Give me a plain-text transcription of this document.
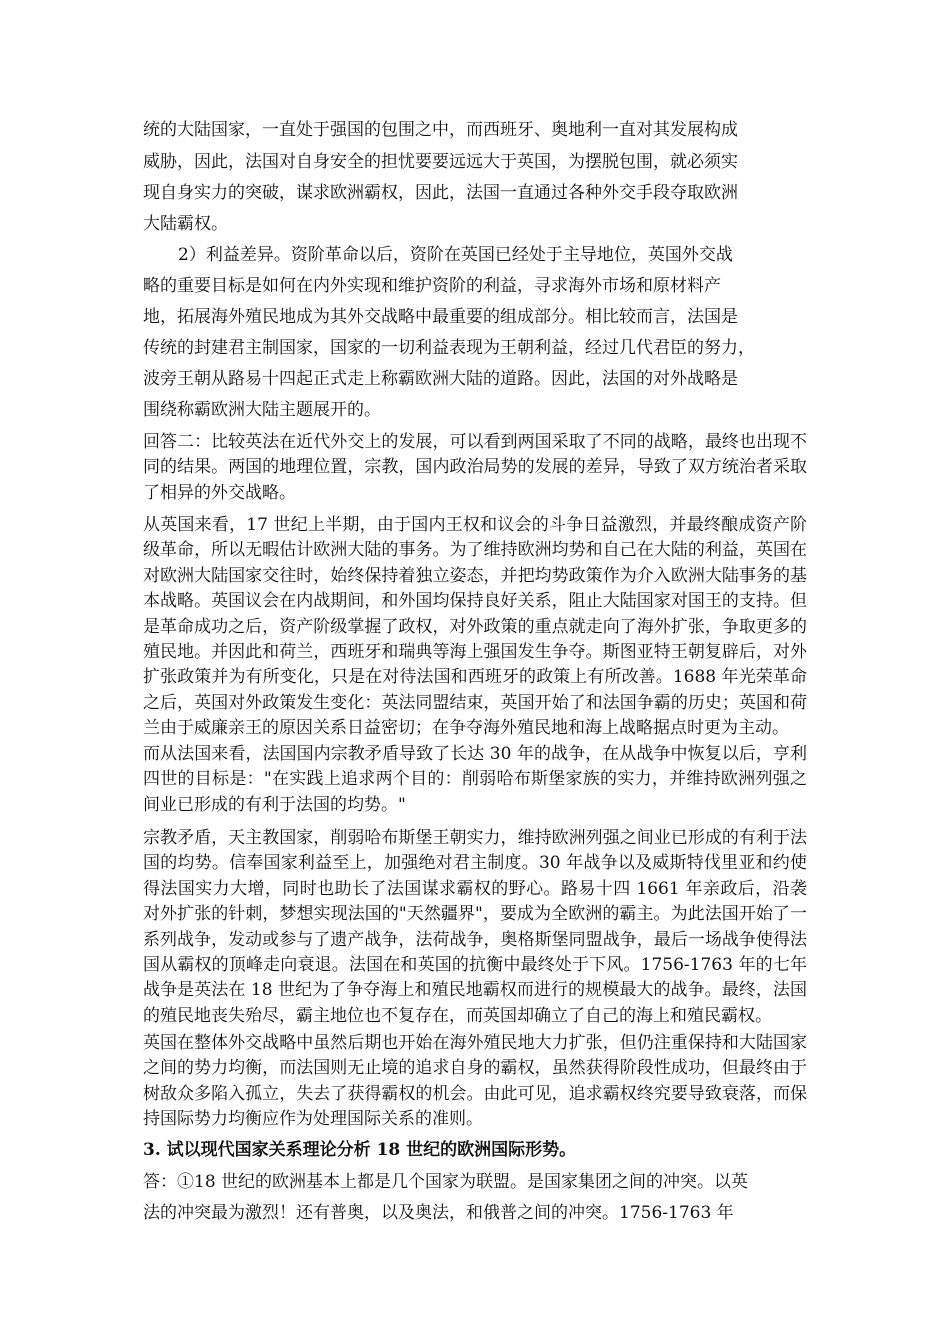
统的大陆国家，一直处于强国的包围之中，而西班牙、奥地利一直对其发展构成
威胁，因此，法国对自身安全的担忧要要远远大于英国，为摆脱包围，就必须实
现自身实力的突破，谋求欧洲霸权，因此，法国一直通过各种外交手段夺取欧洲
大陆霸权。
2）利益差异。资阶革命以后，资阶在英国已经处于主导地位，英国外交战
略的重要目标是如何在内外实现和维护资阶的利益，寻求海外市场和原材料产
地，拓展海外殖民地成为其外交战略中最重要的组成部分。相比较而言，法国是
传统的封建君主制国家，国家的一切利益表现为王朝利益，经过几代君臣的努力，
波旁王朝从路易十四起正式走上称霸欧洲大陆的道路。因此，法国的对外战略是
围绕称霸欧洲大陆主题展开的。
回答二：比较英法在近代外交上的发展，可以看到两国采取了不同的战略，最终也出现不同的结果。两国的地理位置，宗教，国内政治局势的发展的差异，导致了双方统治者采取了相异的外交战略。
从英国来看，17 世纪上半期，由于国内王权和议会的斗争日益激烈，并最终酿成资产阶级革命，所以无暇估计欧洲大陆的事务。为了维持欧洲均势和自己在大陆的利益，英国在对欧洲大陆国家交往时，始终保持着独立姿态，并把均势政策作为介入欧洲大陆事务的基本战略。英国议会在内战期间，和外国均保持良好关系，阻止大陆国家对国王的支持。但是革命成功之后，资产阶级掌握了政权，对外政策的重点就走向了海外扩张，争取更多的殖民地。并因此和荷兰，西班牙和瑞典等海上强国发生争夺。斯图亚特王朝复辟后，对外扩张政策并为有所变化，只是在对待法国和西班牙的政策上有所改善。1688 年光荣革命之后，英国对外政策发生变化：英法同盟结束，英国开始了和法国争霸的历史；英国和荷兰由于威廉亲王的原因关系日益密切；在争夺海外殖民地和海上战略据点时更为主动。
而从法国来看，法国国内宗教矛盾导致了长达 30 年的战争，在从战争中恢复以后，亨利四世的目标是："在实践上追求两个目的：削弱哈布斯堡家族的实力，并维持欧洲列强之间业已形成的有利于法国的均势。"
宗教矛盾，天主教国家，削弱哈布斯堡王朝实力，维持欧洲列强之间业已形成的有利于法国的均势。信奉国家利益至上，加强绝对君主制度。30 年战争以及威斯特伐里亚和约使得法国实力大增，同时也助长了法国谋求霸权的野心。路易十四 1661 年亲政后，沿袭对外扩张的针刺，梦想实现法国的"天然疆界"，要成为全欧洲的霸主。为此法国开始了一系列战争，发动或参与了遗产战争，法荷战争，奥格斯堡同盟战争，最后一场战争使得法国从霸权的顶峰走向衰退。法国在和英国的抗衡中最终处于下风。1756-1763 年的七年战争是英法在 18 世纪为了争夺海上和殖民地霸权而进行的规模最大的战争。最终，法国的殖民地丧失殆尽，霸主地位也不复存在，而英国却确立了自己的海上和殖民霸权。
英国在整体外交战略中虽然后期也开始在海外殖民地大力扩张，但仍注重保持和大陆国家之间的势力均衡，而法国则无止境的追求自身的霸权，虽然获得阶段性成功，但最终由于树敌众多陷入孤立，失去了获得霸权的机会。由此可见，追求霸权终究要导致衰落，而保持国际势力均衡应作为处理国际关系的准则。
3. 试以现代国家关系理论分析 18 世纪的欧洲国际形势。
答：①18 世纪的欧洲基本上都是几个国家为联盟。是国家集团之间的冲突。以英
法的冲突最为激烈！还有普奥，以及奥法，和俄普之间的冲突。1756-1763 年
